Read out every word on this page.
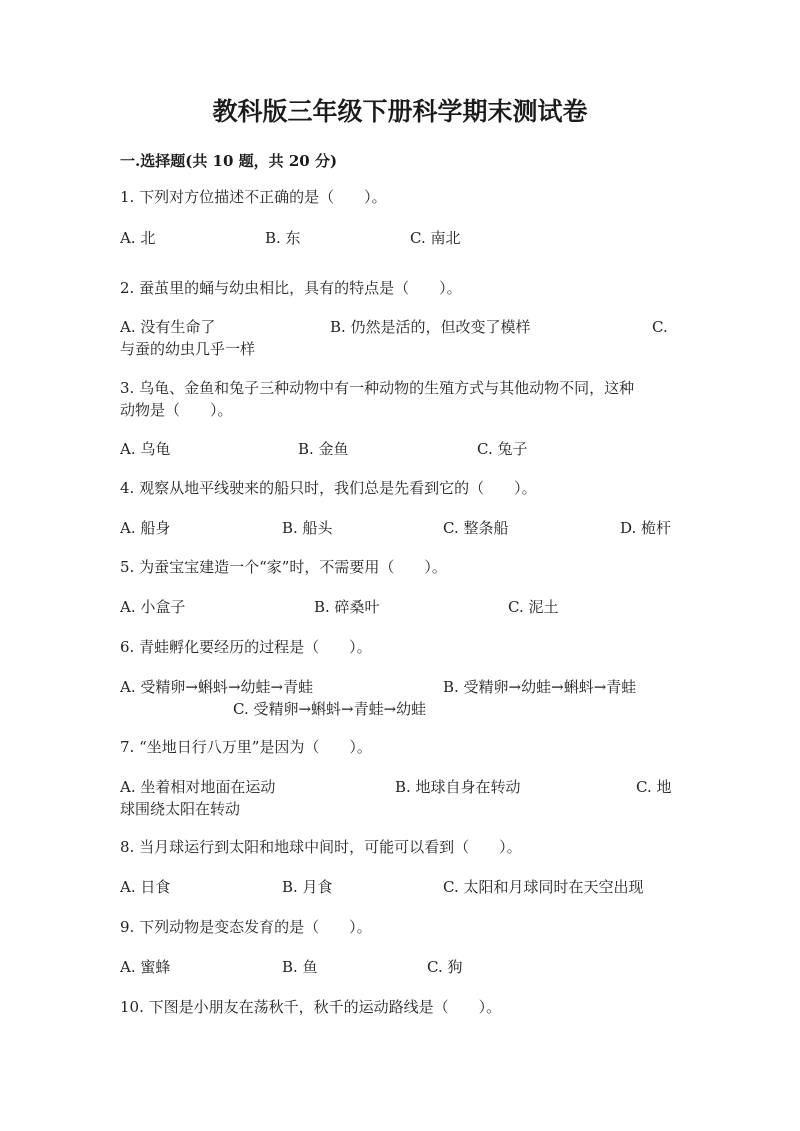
教科版三年级下册科学期末测试卷
一.选择题(共 10 题，共 20 分)
1. 下列对方位描述不正确的是（　　）。
A. 北	B. 东	C. 南北
2. 蚕茧里的蛹与幼虫相比，具有的特点是（　　）。
A. 没有生命了	B. 仍然是活的，但改变了模样	C.
与蚕的幼虫几乎一样
3. 乌龟、金鱼和兔子三种动物中有一种动物的生殖方式与其他动物不同，这种
动物是（　　）。
A. 乌龟	B. 金鱼	C. 兔子
4. 观察从地平线驶来的船只时，我们总是先看到它的（　　）。
A. 船身	B. 船头	C. 整条船	D. 桅杆
5. 为蚕宝宝建造一个“家”时，不需要用（　　）。
A. 小盒子	B. 碎桑叶	C. 泥土
6. 青蛙孵化要经历的过程是（　　）。
A. 受精卵→蝌蚪→幼蛙→青蛙	B. 受精卵→幼蛙→蝌蚪→青蛙
C. 受精卵→蝌蚪→青蛙→幼蛙
7. “坐地日行八万里”是因为（　　）。
A. 坐着相对地面在运动	B. 地球自身在转动	C. 地
球围绕太阳在转动
8. 当月球运行到太阳和地球中间时，可能可以看到（　　）。
A. 日食	B. 月食	C. 太阳和月球同时在天空出现
9. 下列动物是变态发育的是（　　）。
A. 蜜蜂	B. 鱼	C. 狗
10. 下图是小朋友在荡秋千，秋千的运动路线是（　　）。
